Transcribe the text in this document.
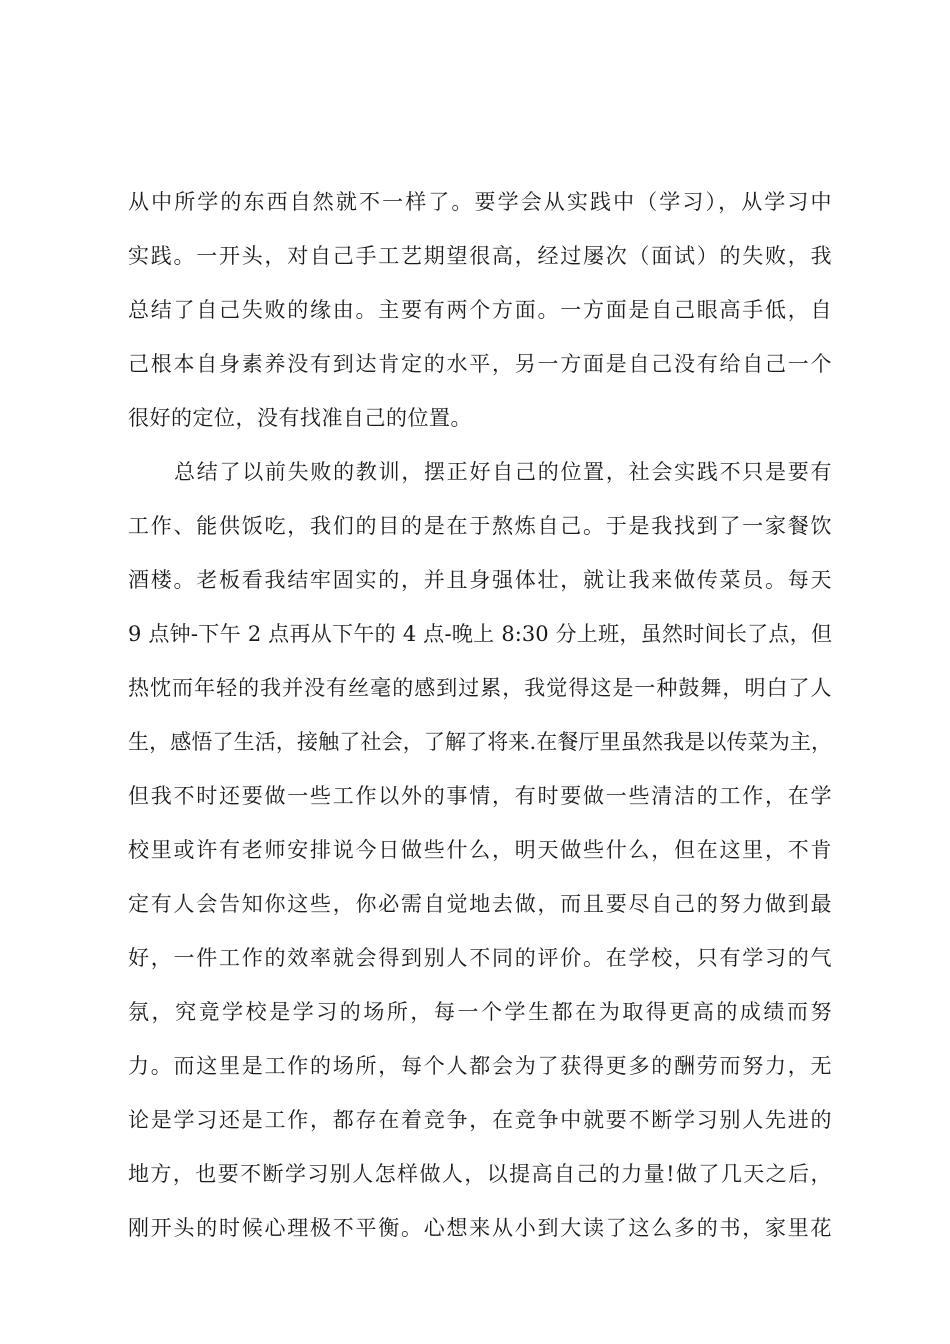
从中所学的东西自然就不一样了。要学会从实践中（学习），从学习中
实践。一开头，对自己手工艺期望很高，经过屡次（面试）的失败，我
总结了自己失败的缘由。主要有两个方面。一方面是自己眼高手低，自
己根本自身素养没有到达肯定的水平，另一方面是自己没有给自己一个
很好的定位，没有找准自己的位置。
总结了以前失败的教训，摆正好自己的位置，社会实践不只是要有
工作、能供饭吃，我们的目的是在于熬炼自己。于是我找到了一家餐饮
酒楼。老板看我结牢固实的，并且身强体壮，就让我来做传菜员。每天
9 点钟-下午 2 点再从下午的 4 点-晚上 8:30 分上班，虽然时间长了点，但
热忱而年轻的我并没有丝毫的感到过累，我觉得这是一种鼓舞，明白了人
生，感悟了生活，接触了社会，了解了将来.在餐厅里虽然我是以传菜为主，
但我不时还要做一些工作以外的事情，有时要做一些清洁的工作，在学
校里或许有老师安排说今日做些什么，明天做些什么，但在这里，不肯
定有人会告知你这些，你必需自觉地去做，而且要尽自己的努力做到最
好，一件工作的效率就会得到别人不同的评价。在学校，只有学习的气
氛，究竟学校是学习的场所，每一个学生都在为取得更高的成绩而努
力。而这里是工作的场所，每个人都会为了获得更多的酬劳而努力，无
论是学习还是工作，都存在着竞争，在竞争中就要不断学习别人先进的
地方，也要不断学习别人怎样做人，以提高自己的力量!做了几天之后，
刚开头的时候心理极不平衡。心想来从小到大读了这么多的书，家里花
